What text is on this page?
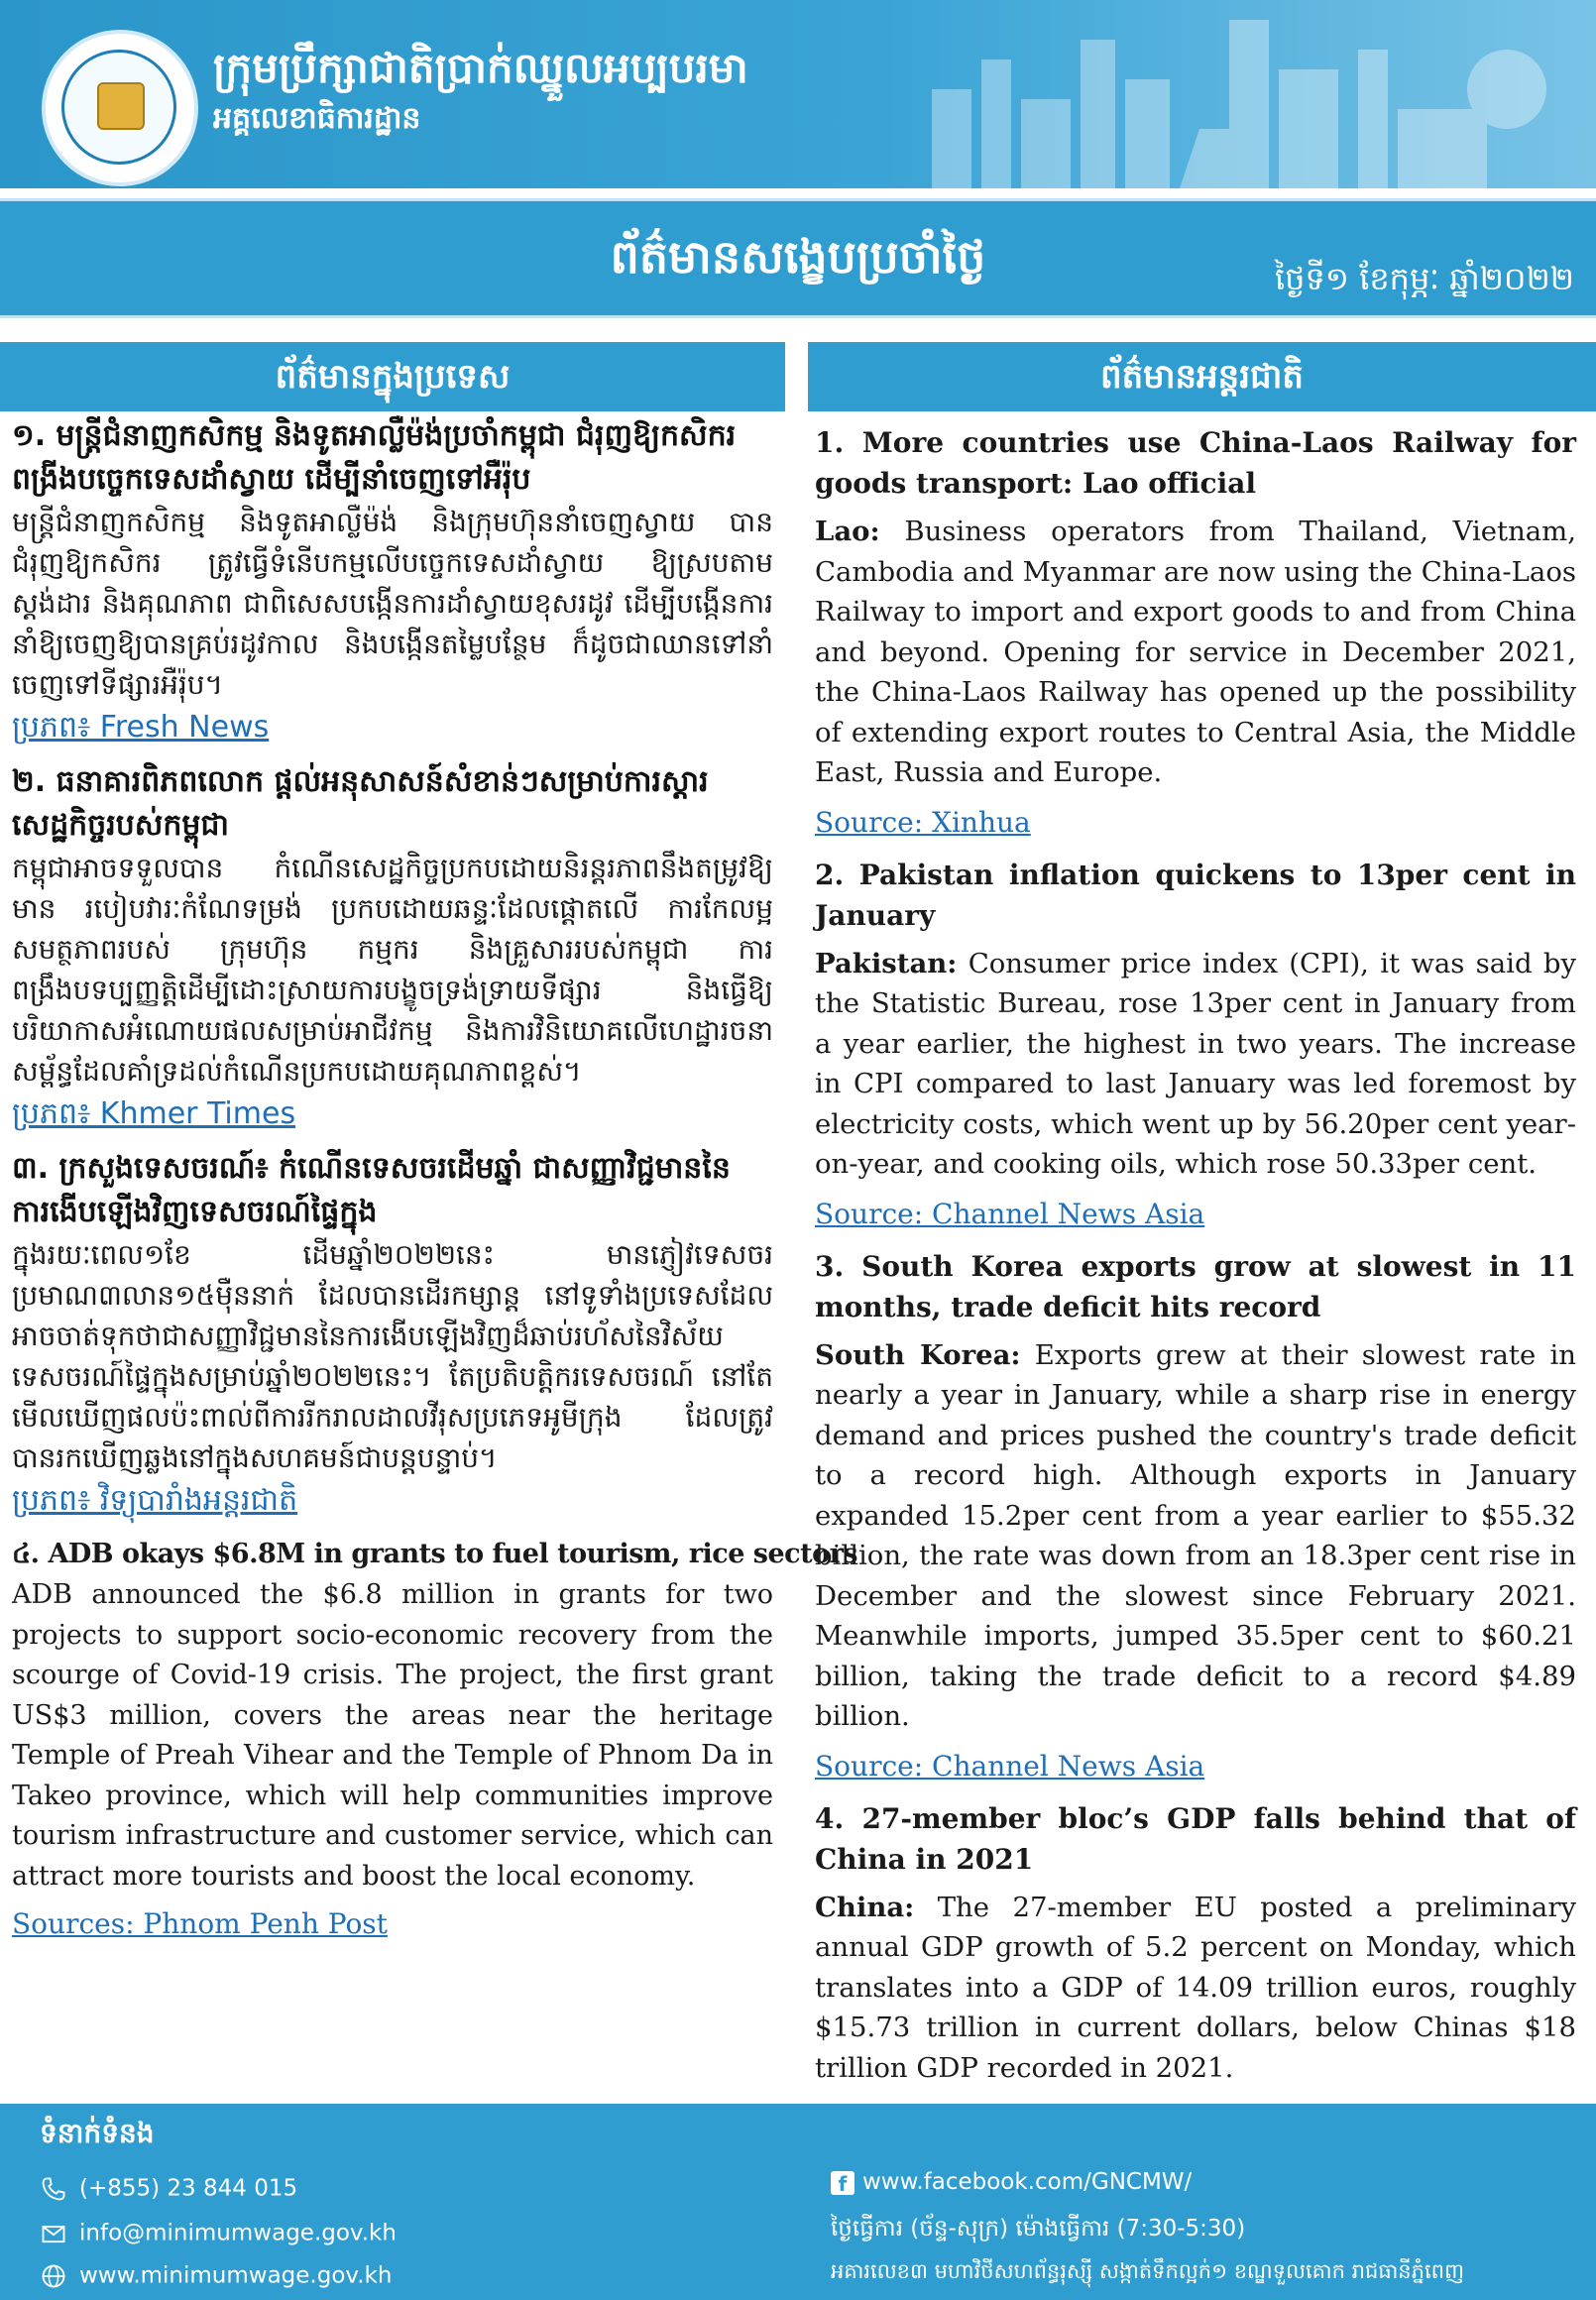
ក្រុមប្រឹក្សាជាតិប្រាក់ឈ្នួលអប្បបរមា
អគ្គលេខាធិការដ្ឋាន
ព័ត៌មានសង្ខេបប្រចាំថ្ងៃ	ថ្ងៃទី១ ខែកុម្ភៈ ឆ្នាំ២០២២
ព័ត៌មានក្នុងប្រទេស	ព័ត៌មានអន្តរជាតិ

១. មន្ត្រីជំនាញកសិកម្ម និងទូតអាល្លឺម៉ង់ប្រចាំកម្ពុជា ជំរុញឱ្យកសិករពង្រីងបច្ចេកទេសដាំស្វាយ ដើម្បីនាំចេញទៅអឺរ៉ុប

មន្ត្រីជំនាញកសិកម្ម និងទូតអាល្លឺម៉ង់ និងក្រុមហ៊ុននាំចេញស្វាយ បានជំរុញឱ្យកសិករ ត្រូវធ្វើទំនើបកម្មលើបច្ចេកទេសដាំស្វាយ ឱ្យស្របតាមស្តង់ដារ និងគុណភាព ជាពិសេសបង្កើនការដាំស្វាយខុសរដូវ ដើម្បីបង្កើនការនាំឱ្យចេញឱ្យបានគ្រប់រដូវកាល និងបង្កើនតម្លៃបន្ថែម ក៏ដូចជាឈានទៅនាំចេញទៅទីផ្សារអឺរ៉ុប។

ប្រភព៖ Fresh News

២. ធនាគារពិភពលោក ផ្តល់អនុសាសន៍សំខាន់ៗសម្រាប់ការស្តារសេដ្ឋកិច្ចរបស់កម្ពុជា

កម្ពុជាអាចទទួលបាន កំណើនសេដ្ឋកិច្ចប្រកបដោយនិរន្តរភាពនឹងតម្រូវឱ្យមាន របៀបវារៈកំណែទម្រង់ ប្រកបដោយឆន្ទៈដែលផ្តោតលើ ការកែលម្អសមត្ថភាពរបស់ ក្រុមហ៊ុន កម្មករ និងគ្រួសាររបស់កម្ពុជា ការពង្រឹងបទប្បញ្ញត្តិដើម្បីដោះស្រាយការបង្ខូចទ្រង់ទ្រាយទីផ្សារ និងធ្វើឱ្យបរិយាកាសអំណោយផលសម្រាប់អាជីវកម្ម និងការវិនិយោគលើហេដ្ឋារចនាសម្ព័ន្ធដែលគាំទ្រដល់កំណើនប្រកបដោយគុណភាពខ្ពស់។

ប្រភព៖ Khmer Times

៣. ក្រសួងទេសចរណ៍៖ កំណើនទេសចរដើមឆ្នាំ ជាសញ្ញាវិជ្ជមាននៃការងើបឡើងវិញទេសចរណ៍ផ្ទៃក្នុង

ក្នុងរយៈពេល១ខែ ដើមឆ្នាំ២០២២នេះ មានភ្ញៀវទេសចរប្រមាណ៣លាន១៥ម៉ឺននាក់ ដែលបានដើរកម្សាន្ត នៅទូទាំងប្រទេសដែលអាចចាត់ទុកថាជាសញ្ញាវិជ្ជមាននៃការងើបឡើងវិញដ៏ឆាប់រហ័សនៃវិស័យទេសចរណ៍ផ្ទៃក្នុងសម្រាប់ឆ្នាំ២០២២នេះ។ តែប្រតិបត្តិករទេសចរណ៍ នៅតែមើលឃើញផលប៉ះពាល់ពីការរីករាលដាលវីរុសប្រភេទអូមីក្រុង ដែលត្រូវបានរកឃើញឆ្លងនៅក្នុងសហគមន៍ជាបន្តបន្ទាប់។

ប្រភព៖ វិទ្យុបារាំងអន្តរជាតិ

៤. ADB okays $6.8M in grants to fuel tourism, rice sectors

ADB announced the $6.8 million in grants for two projects to support socio-economic recovery from the scourge of Covid-19 crisis. The project, the first grant US$3 million, covers the areas near the heritage Temple of Preah Vihear and the Temple of Phnom Da in Takeo province, which will help communities improve tourism infrastructure and customer service, which can attract more tourists and boost the local economy.

Sources: Phnom Penh Post

1. More countries use China-Laos Railway for goods transport: Lao official

Lao: Business operators from Thailand, Vietnam, Cambodia and Myanmar are now using the China-Laos Railway to import and export goods to and from China and beyond. Opening for service in December 2021, the China-Laos Railway has opened up the possibility of extending export routes to Central Asia, the Middle East, Russia and Europe.

Source: Xinhua

2. Pakistan inflation quickens to 13per cent in January

Pakistan: Consumer price index (CPI), it was said by the Statistic Bureau, rose 13per cent in January from a year earlier, the highest in two years. The increase in CPI compared to last January was led foremost by electricity costs, which went up by 56.20per cent year-on-year, and cooking oils, which rose 50.33per cent.

Source: Channel News Asia

3. South Korea exports grow at slowest in 11 months, trade deficit hits record

South Korea: Exports grew at their slowest rate in nearly a year in January, while a sharp rise in energy demand and prices pushed the country's trade deficit to a record high. Although exports in January expanded 15.2per cent from a year earlier to $55.32 billion, the rate was down from an 18.3per cent rise in December and the slowest since February 2021. Meanwhile imports, jumped 35.5per cent to $60.21 billion, taking the trade deficit to a record $4.89 billion.

Source: Channel News Asia

4. 27-member bloc’s GDP falls behind that of China in 2021

China: The 27-member EU posted a preliminary annual GDP growth of 5.2 percent on Monday, which translates into a GDP of 14.09 trillion euros, roughly $15.73 trillion in current dollars, below Chinas $18 trillion GDP recorded in 2021.

ទំនាក់ទំនង
(+855) 23 844 015
info@minimumwage.gov.kh
www.minimumwage.gov.kh
f www.facebook.com/GNCMW/
ថ្ងៃធ្វើការ (ច័ន្ទ-សុក្រ) ម៉ោងធ្វើការ (7:30-5:30)
អគារលេខ៣ មហាវិថីសហព័ន្ធរុស្ស៊ី សង្កាត់ទឹកល្អក់១ ខណ្ឌទួលគោក រាជធានីភ្នំពេញ
